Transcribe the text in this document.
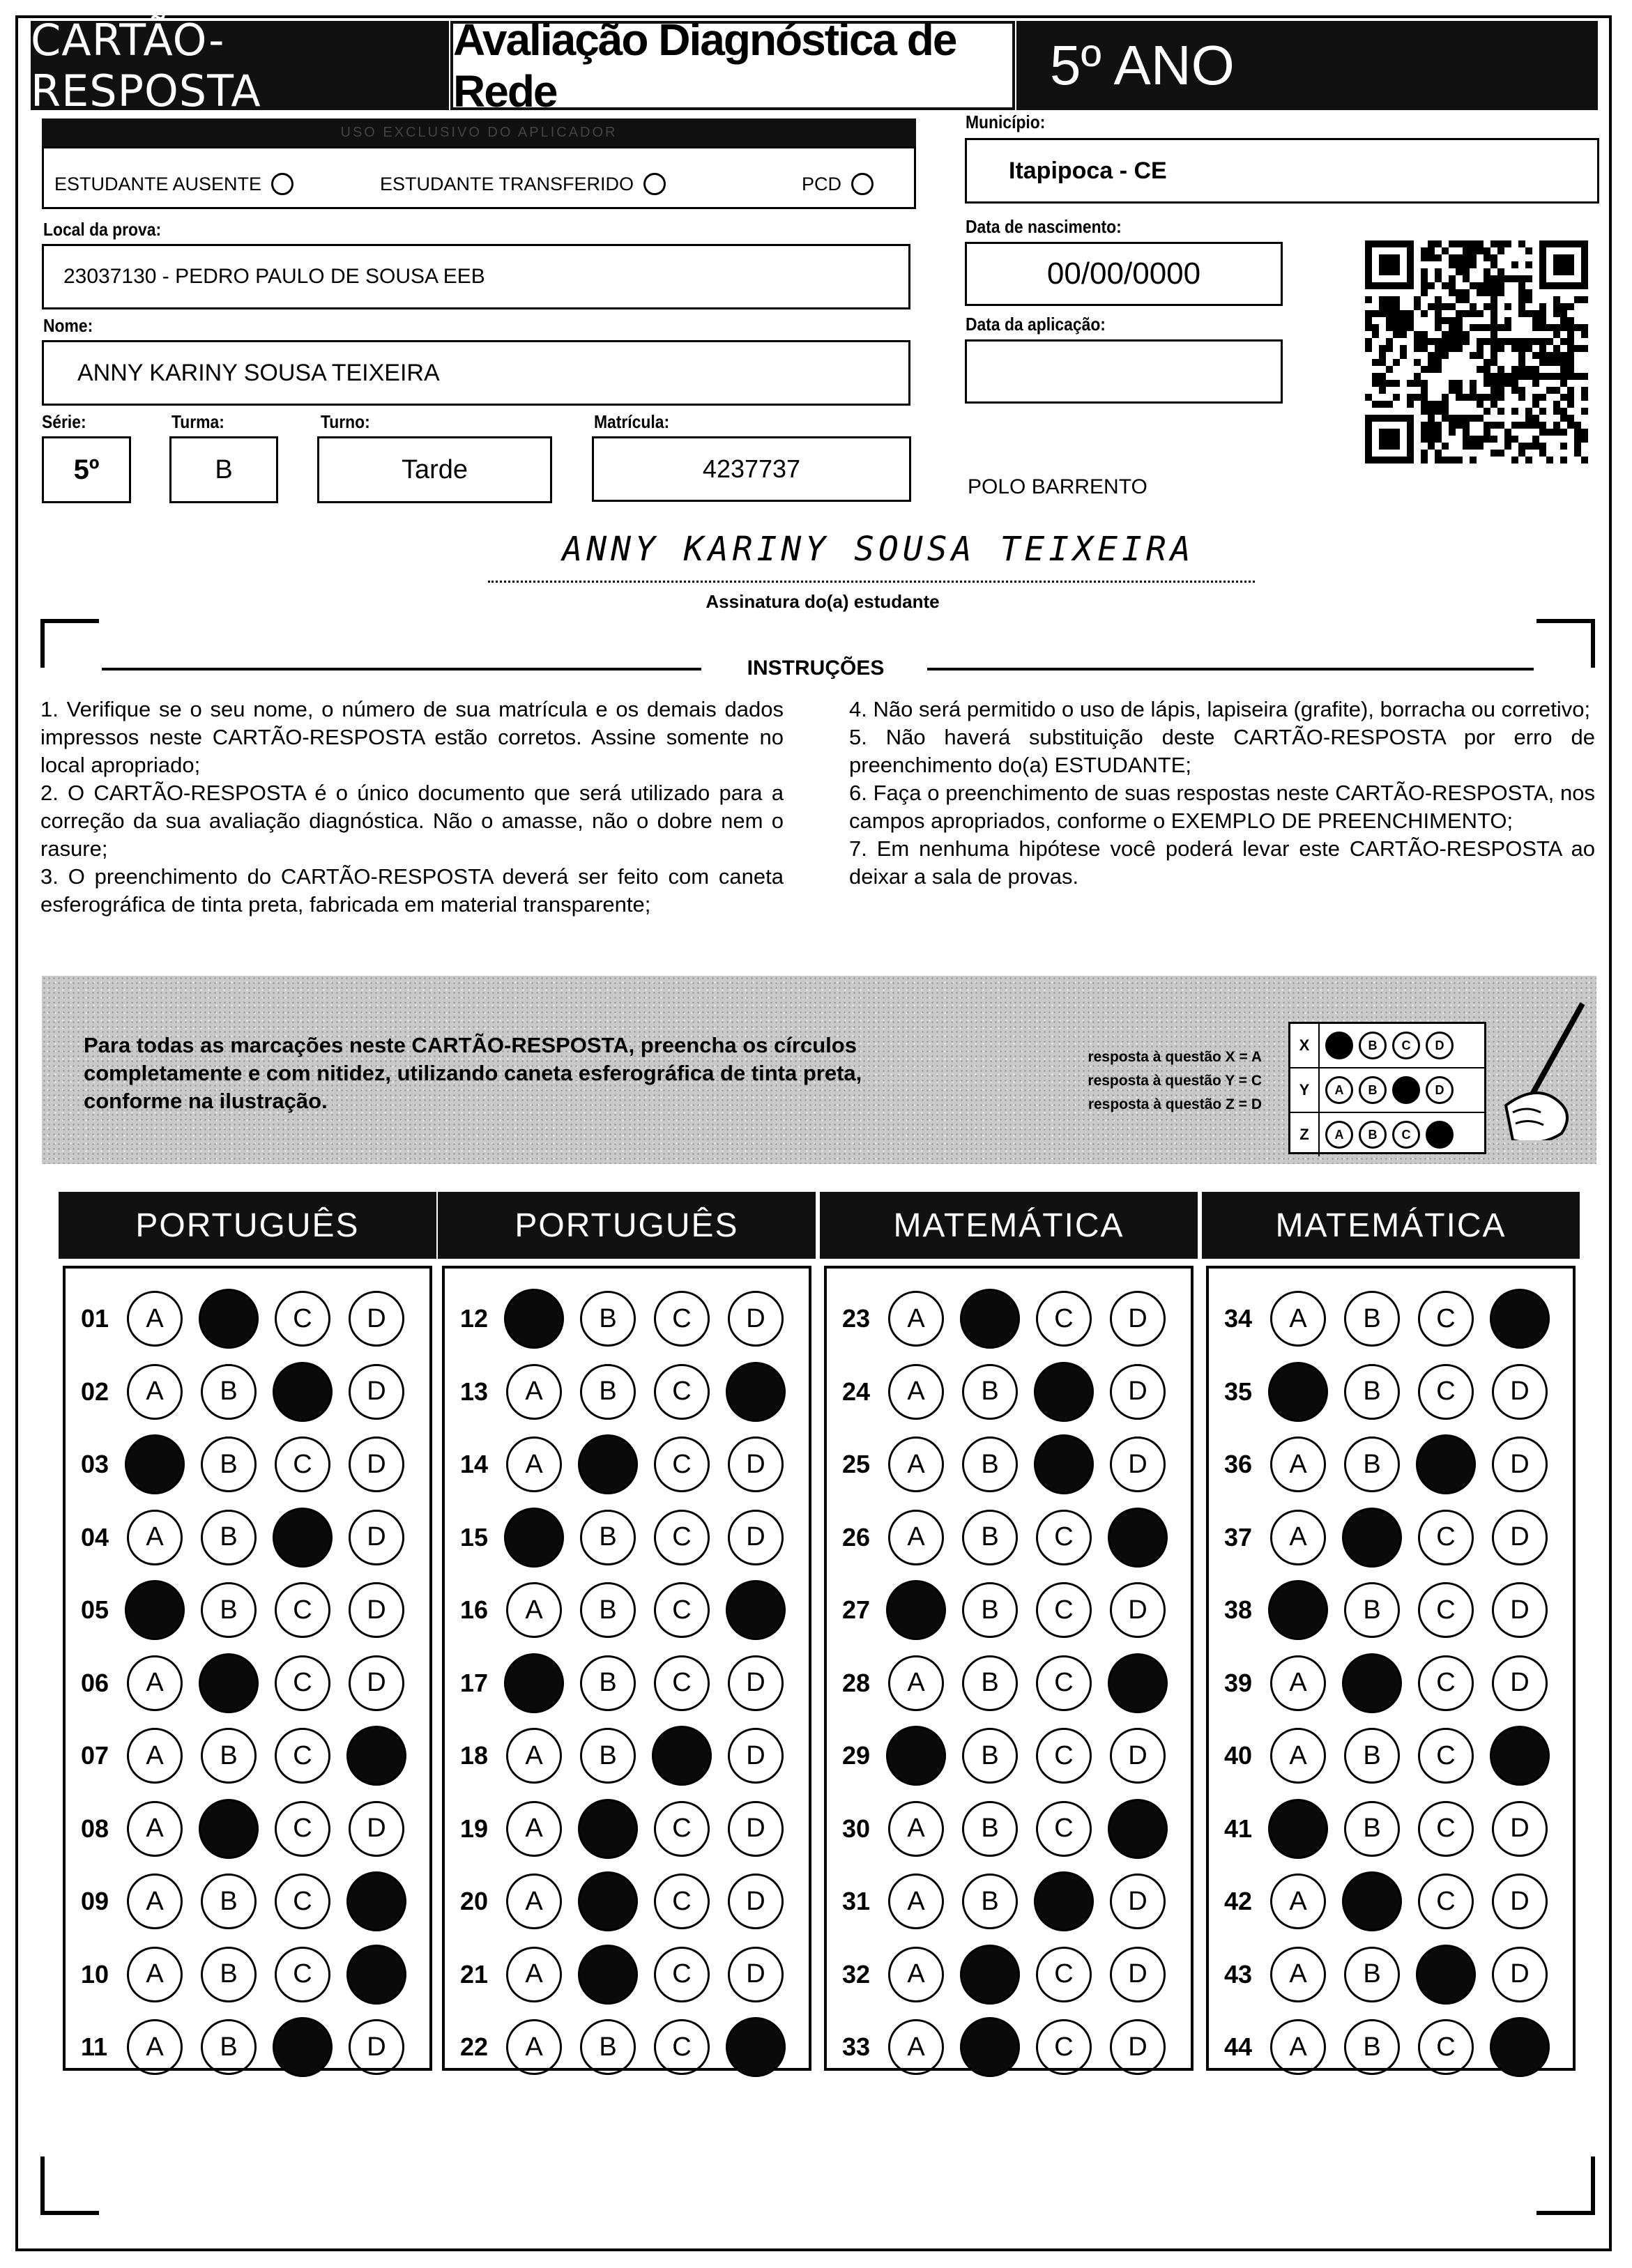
CARTÃO-RESPOSTA
Avaliação Diagnóstica de Rede	5º ANO
USO EXCLUSIVO DO APLICADOR
ESTUDANTE AUSENTE	ESTUDANTE TRANSFERIDO	PCD
Município:
Itapipoca - CE
Local da prova:
23037130 - PEDRO PAULO DE SOUSA EEB
Data de nascimento:
00/00/0000
Data da aplicação:
Nome:
ANNY KARINY SOUSA TEIXEIRA
Série:
5º
Turma:
B
Turno:
Tarde
Matrícula:
4237737
POLO BARRENTO
ANNY KARINY SOUSA TEIXEIRA
Assinatura do(a) estudante
INSTRUÇÕES
1. Verifique se o seu nome, o número de sua matrícula e os demais dados impressos neste CARTÃO-RESPOSTA estão corretos. Assine somente no local apropriado;
2. O CARTÃO-RESPOSTA é o único documento que será utilizado para a correção da sua avaliação diagnóstica. Não o amasse, não o dobre nem o rasure;
3. O preenchimento do CARTÃO-RESPOSTA deverá ser feito com caneta esferográfica de tinta preta, fabricada em material transparente;
4. Não será permitido o uso de lápis, lapiseira (grafite), borracha ou corretivo;
5. Não haverá substituição deste CARTÃO-RESPOSTA por erro de preenchimento do(a) ESTUDANTE;
6. Faça o preenchimento de suas respostas neste CARTÃO-RESPOSTA, nos campos apropriados, conforme o EXEMPLO DE PREENCHIMENTO;
7. Em nenhuma hipótese você poderá levar este CARTÃO-RESPOSTA ao deixar a sala de provas.
Para todas as marcações neste CARTÃO-RESPOSTA, preencha os círculos completamente e com nitidez, utilizando caneta esferográfica de tinta preta, conforme na ilustração.
resposta à questão X = A
resposta à questão Y = C
resposta à questão Z = D
X	A	B	C	D
Y	A	B	C	D
Z	A	B	C	D
PORTUGUÊS
01	A	B	C	D
02	A	B	C	D
03	A	B	C	D
04	A	B	C	D
05	A	B	C	D
06	A	B	C	D
07	A	B	C	D
08	A	B	C	D
09	A	B	C	D
10	A	B	C	D
11	A	B	C	D
PORTUGUÊS
12	A	B	C	D
13	A	B	C	D
14	A	B	C	D
15	A	B	C	D
16	A	B	C	D
17	A	B	C	D
18	A	B	C	D
19	A	B	C	D
20	A	B	C	D
21	A	B	C	D
22	A	B	C	D
MATEMÁTICA
23	A	B	C	D
24	A	B	C	D
25	A	B	C	D
26	A	B	C	D
27	A	B	C	D
28	A	B	C	D
29	A	B	C	D
30	A	B	C	D
31	A	B	C	D
32	A	B	C	D
33	A	B	C	D
MATEMÁTICA
34	A	B	C	D
35	A	B	C	D
36	A	B	C	D
37	A	B	C	D
38	A	B	C	D
39	A	B	C	D
40	A	B	C	D
41	A	B	C	D
42	A	B	C	D
43	A	B	C	D
44	A	B	C	D
